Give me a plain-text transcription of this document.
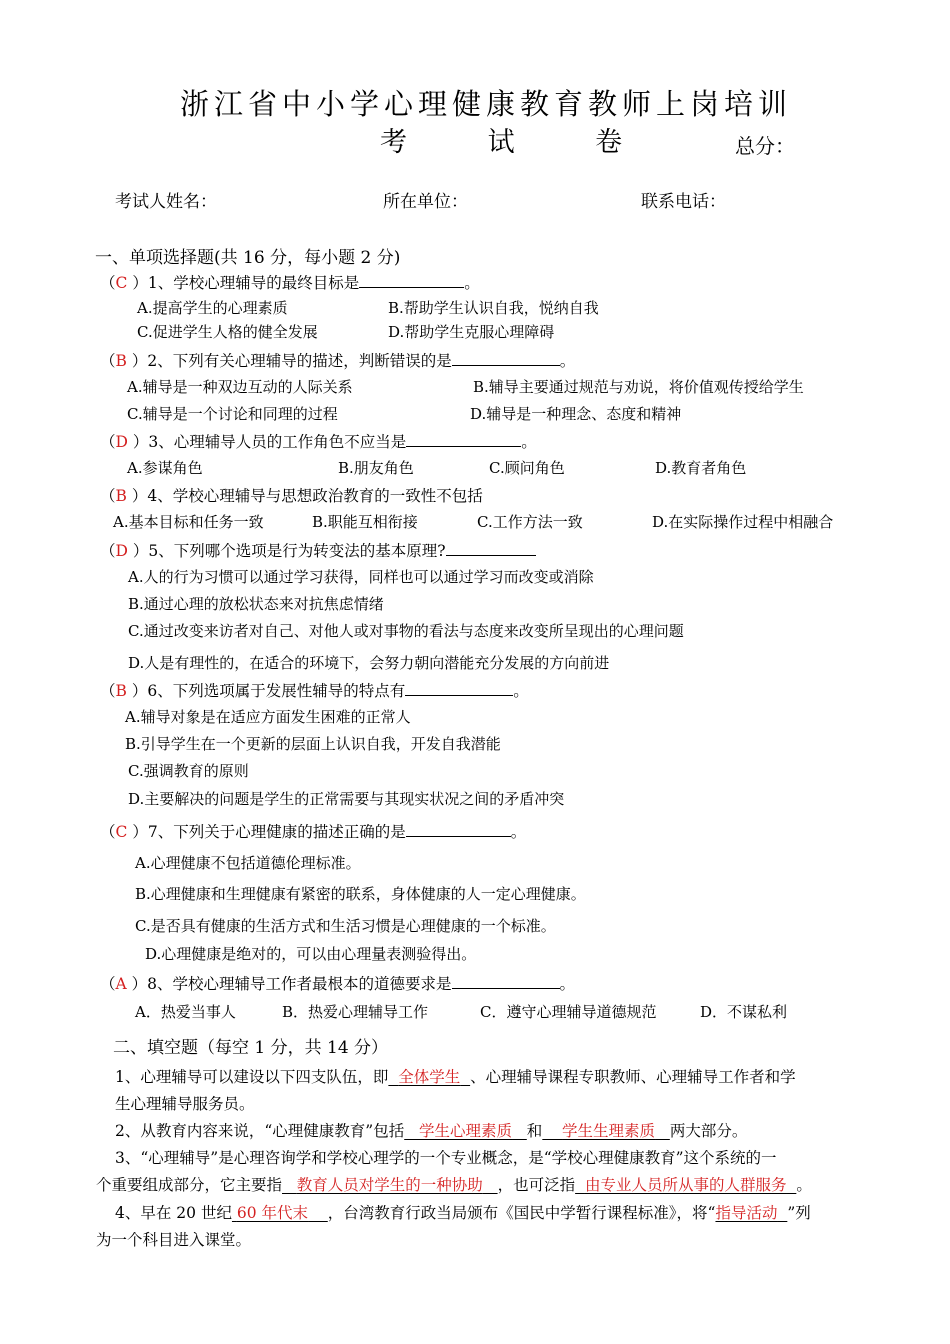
浙江省中小学心理健康教育教师上岗培训
考 试 卷	总分：
考试人姓名：	所在单位：	联系电话：
一、单项选择题(共 16 分，每小题 2 分)
（C ）1、学校心理辅导的最终目标是	。
A.提高学生的心理素质	B.帮助学生认识自我，悦纳自我
C.促进学生人格的健全发展	D.帮助学生克服心理障碍
（B ）2、下列有关心理辅导的描述，判断错误的是	。
A.辅导是一种双边互动的人际关系	B.辅导主要通过规范与劝说，将价值观传授给学生
C.辅导是一个讨论和同理的过程	D.辅导是一种理念、态度和精神
（D ）3、心理辅导人员的工作角色不应当是	。
A.参谋角色	B.朋友角色	C.顾问角色	D.教育者角色
（B ）4、学校心理辅导与思想政治教育的一致性不包括
A.基本目标和任务一致	B.职能互相衔接	C.工作方法一致	D.在实际操作过程中相融合
（D ）5、下列哪个选项是行为转变法的基本原理?
A.人的行为习惯可以通过学习获得，同样也可以通过学习而改变或消除
B.通过心理的放松状态来对抗焦虑情绪
C.通过改变来访者对自己、对他人或对事物的看法与态度来改变所呈现出的心理问题
D.人是有理性的，在适合的环境下，会努力朝向潜能充分发展的方向前进
（B ）6、下列选项属于发展性辅导的特点有	。
A.辅导对象是在适应方面发生困难的正常人
B.引导学生在一个更新的层面上认识自我，开发自我潜能
C.强调教育的原则
D.主要解决的问题是学生的正常需要与其现实状况之间的矛盾冲突
（C ）7、下列关于心理健康的描述正确的是	。
A.心理健康不包括道德伦理标准。
B.心理健康和生理健康有紧密的联系，身体健康的人一定心理健康。
C.是否具有健康的生活方式和生活习惯是心理健康的一个标准。
D.心理健康是绝对的，可以由心理量表测验得出。
（A ）8、学校心理辅导工作者最根本的道德要求是	。
A．热爱当事人	B．热爱心理辅导工作	C．遵守心理辅导道德规范	D．不谋私利
二、填空题（每空 1 分，共 14 分）
1、心理辅导可以建设以下四支队伍，即 全体学生 、心理辅导课程专职教师、心理辅导工作者和学
生心理辅导服务员。
2、从教育内容来说，“心理健康教育”包括 学生心理素质 和 学生生理素质 两大部分。
3、“心理辅导”是心理咨询学和学校心理学的一个专业概念，是“学校心理健康教育”这个系统的一
个重要组成部分，它主要指 教育人员对学生的一种协助 ，也可泛指 由专业人员所从事的人群服务 。
4、早在 20 世纪 60 年代末 ，台湾教育行政当局颁布《国民中学暂行课程标准》，将“指导活动 ”列
为一个科目进入课堂。
